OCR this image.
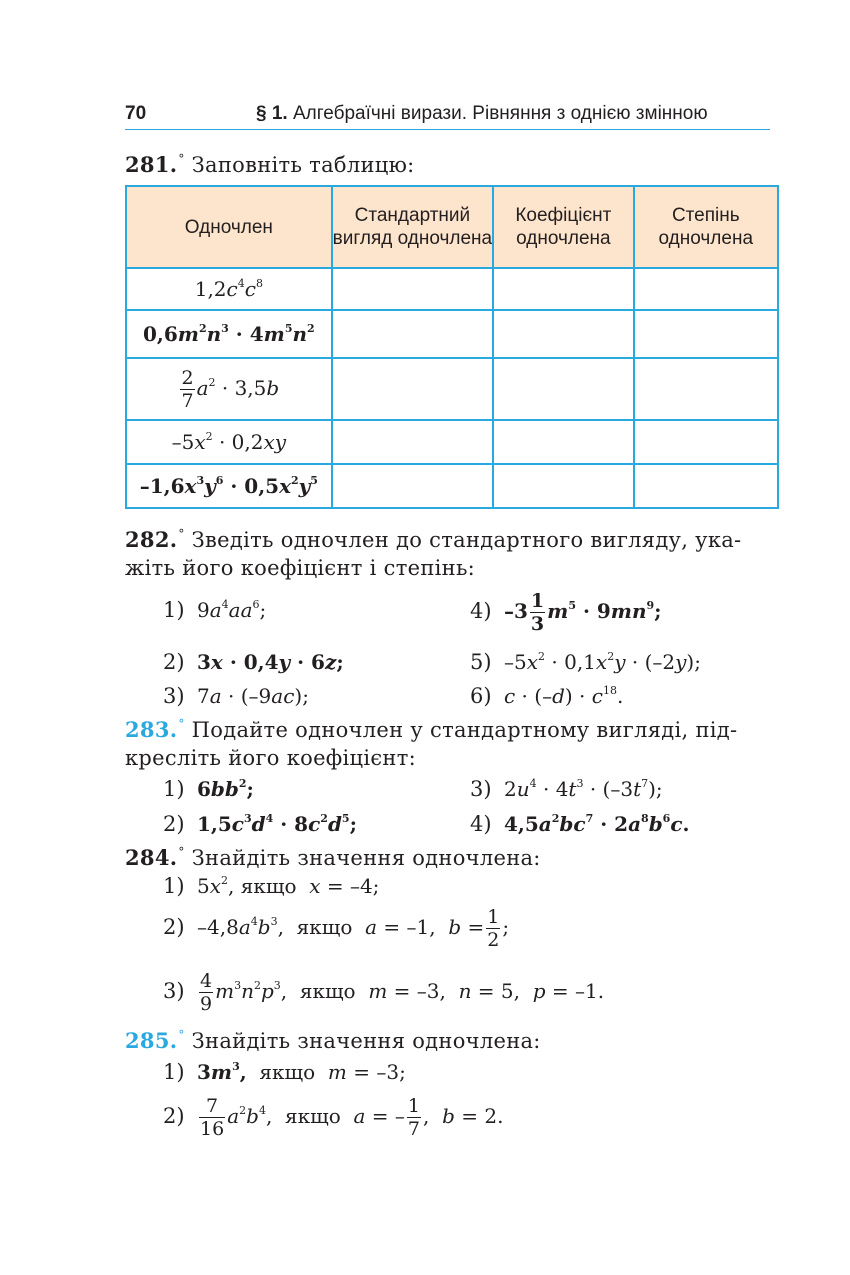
70	§ 1. Алгебраїчні вирази. Рівняння з однією змінною
281.° Заповніть таблицю:
Одночлен	Стандартний вигляд одночлена	Коефіцієнт одночлена	Степінь одночлена
$1,2c^4c^8$			
$0,6m^2n^3 \cdot 4m^5n^2$			

$\frac{2}{7} a^2 \cdot 3,5b$			
$-5x^2 \cdot 0,2xy$			
$-1,6x^3y^6 \cdot 0,5x^2y^5$			
282.° Зведіть одночлен до стандартного вигляду, ука-
жіть його коефіцієнт і степінь:
1) $9a^4aa^6$;	4) $-3 \frac{1}{3} m^5 \cdot 9mn^9$;
2) 3x · 0,4y · 6z;	5) $-5x^2 \cdot 0,1x^2y \cdot (-2y)$;
3) 7a · (–9ac);	6) $c \cdot (-d) \cdot c^{18}$.
283.° Подайте одночлен у стандартному вигляді, під-
кресліть його коефіцієнт:
1) $6bb^2$;	3) $2u^4 \cdot 4t^3 \cdot (-3t^7)$;
2) $1,5c^3d^4 \cdot 8c^2d^5$;	4) $4,5a^2bc^7 \cdot 2a^8b^6c$.
284.° Знайдіть значення одночлена:
1) $5x^2$, якщо  x = –4;
2) $-4,8a^4b^3$,  якщо  a = –1,  $b = \frac{1}{2}$ ;
$3) \frac{4}{9} m^3n^2p^3$,  якщо  m = –3,  n = 5,  p = –1.
285.° Знайдіть значення одночлена:
1) $3m^3$,  якщо  m = –3;
$2) \frac{7}{16} a^2b^4$,  якщо  a = – $\frac{1}{7}$ ,  b = 2.
